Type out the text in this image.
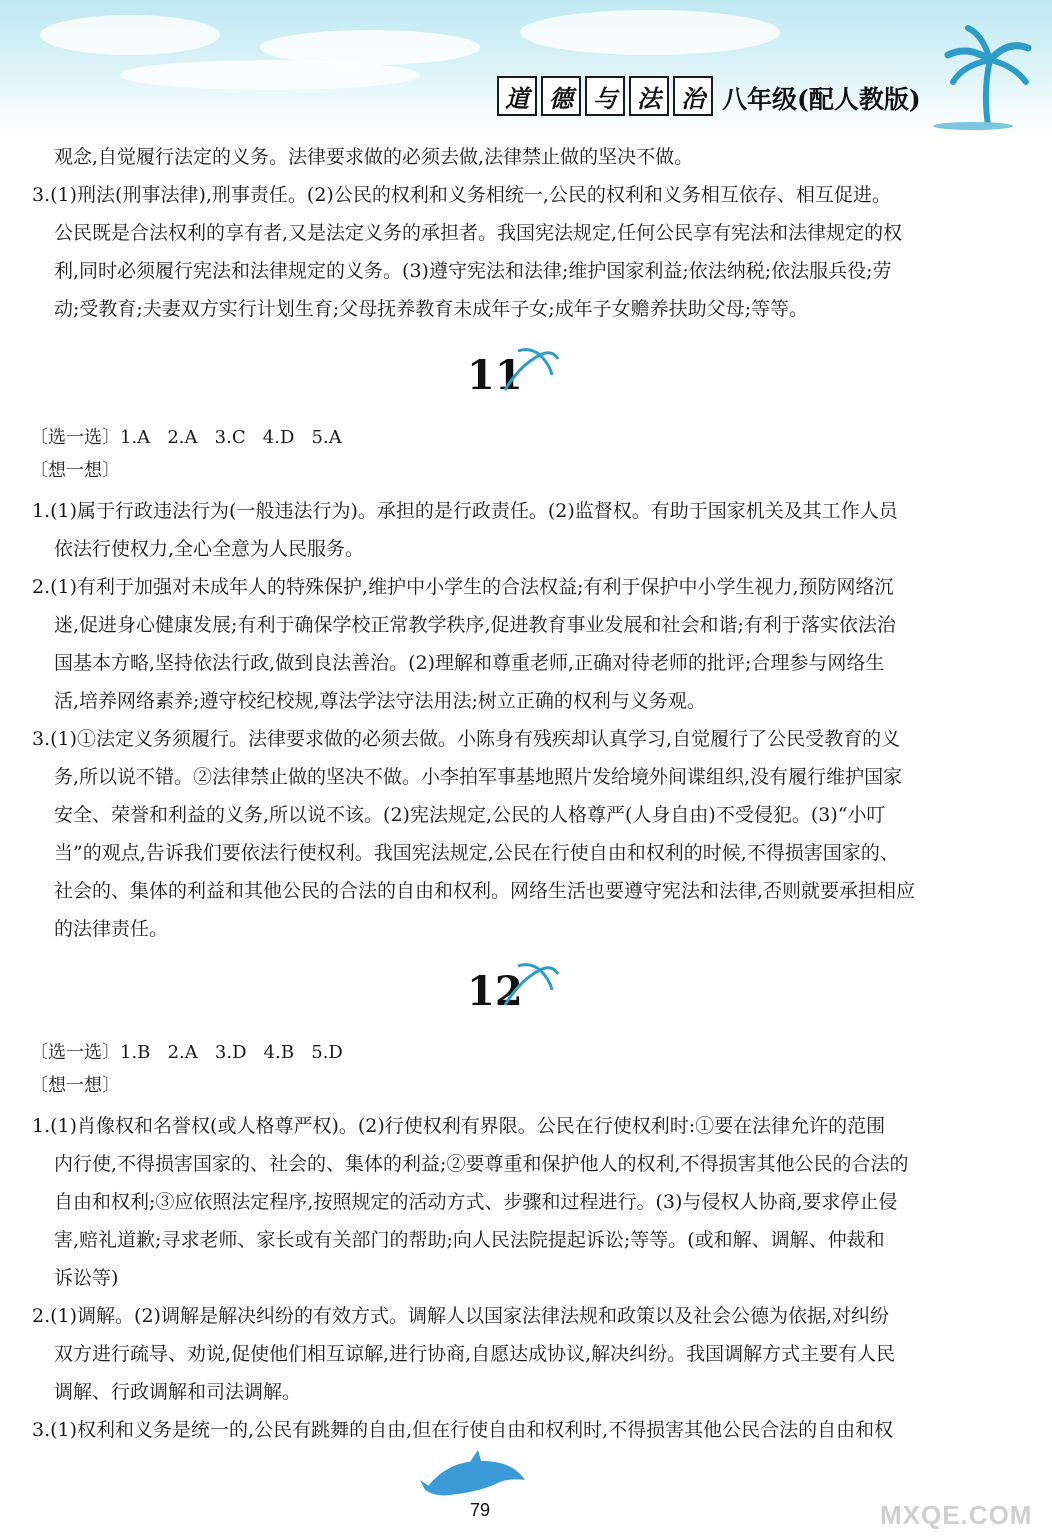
道 德 与 法 治 八年级(配人教版)
观念,自觉履行法定的义务。法律要求做的必须去做,法律禁止做的坚决不做。
3.(1)刑法(刑事法律),刑事责任。(2)公民的权利和义务相统一,公民的权利和义务相互依存、相互促进。
公民既是合法权利的享有者,又是法定义务的承担者。我国宪法规定,任何公民享有宪法和法律规定的权
利,同时必须履行宪法和法律规定的义务。(3)遵守宪法和法律;维护国家利益;依法纳税;依法服兵役;劳
动;受教育;夫妻双方实行计划生育;父母抚养教育未成年子女;成年子女赡养扶助父母;等等。
11
〔选一选〕1.A   2.A   3.C   4.D   5.A
〔想一想〕
1.(1)属于行政违法行为(一般违法行为)。承担的是行政责任。(2)监督权。有助于国家机关及其工作人员
依法行使权力,全心全意为人民服务。
2.(1)有利于加强对未成年人的特殊保护,维护中小学生的合法权益;有利于保护中小学生视力,预防网络沉
迷,促进身心健康发展;有利于确保学校正常教学秩序,促进教育事业发展和社会和谐;有利于落实依法治
国基本方略,坚持依法行政,做到良法善治。(2)理解和尊重老师,正确对待老师的批评;合理参与网络生
活,培养网络素养;遵守校纪校规,尊法学法守法用法;树立正确的权利与义务观。
3.(1)①法定义务须履行。法律要求做的必须去做。小陈身有残疾却认真学习,自觉履行了公民受教育的义
务,所以说不错。②法律禁止做的坚决不做。小李拍军事基地照片发给境外间谍组织,没有履行维护国家
安全、荣誉和利益的义务,所以说不该。(2)宪法规定,公民的人格尊严(人身自由)不受侵犯。(3)“小叮
当”的观点,告诉我们要依法行使权利。我国宪法规定,公民在行使自由和权利的时候,不得损害国家的、
社会的、集体的利益和其他公民的合法的自由和权利。网络生活也要遵守宪法和法律,否则就要承担相应
的法律责任。
12
〔选一选〕1.B   2.A   3.D   4.B   5.D
〔想一想〕
1.(1)肖像权和名誉权(或人格尊严权)。(2)行使权利有界限。公民在行使权利时:①要在法律允许的范围
内行使,不得损害国家的、社会的、集体的利益;②要尊重和保护他人的权利,不得损害其他公民的合法的
自由和权利;③应依照法定程序,按照规定的活动方式、步骤和过程进行。(3)与侵权人协商,要求停止侵
害,赔礼道歉;寻求老师、家长或有关部门的帮助;向人民法院提起诉讼;等等。(或和解、调解、仲裁和
诉讼等)
2.(1)调解。(2)调解是解决纠纷的有效方式。调解人以国家法律法规和政策以及社会公德为依据,对纠纷
双方进行疏导、劝说,促使他们相互谅解,进行协商,自愿达成协议,解决纠纷。我国调解方式主要有人民
调解、行政调解和司法调解。
3.(1)权利和义务是统一的,公民有跳舞的自由,但在行使自由和权利时,不得损害其他公民合法的自由和权
79	MXQE.COM
